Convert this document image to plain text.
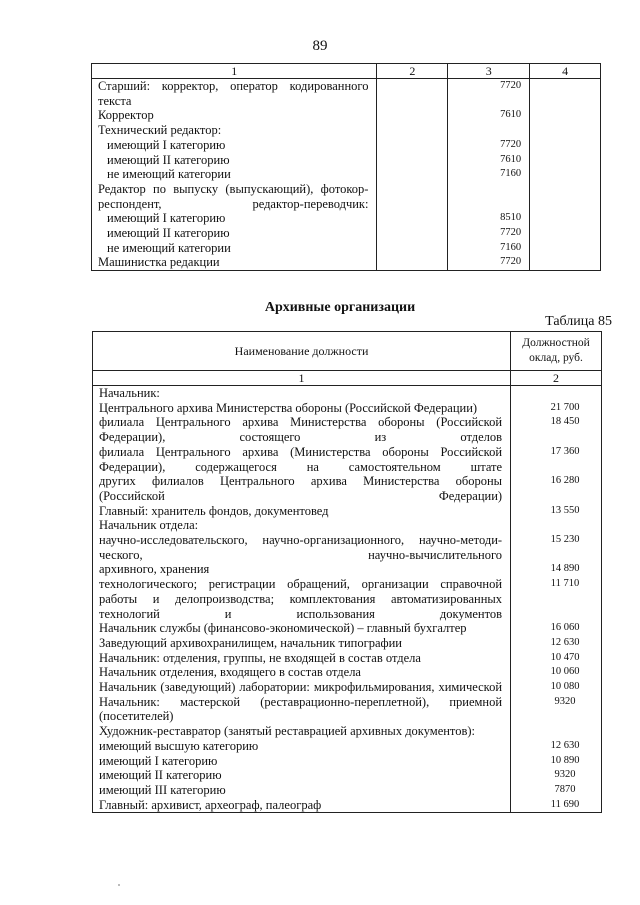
89
1	2	3	4
Старший: корректор, оператор кодированного текста		7720	
Корректор		7610	
Технический редактор:			
имеющий I категорию		7720	
имеющий II категорию		7610	
не имеющий категории		7160	
Редактор по выпуску (выпускающий), фотокор-респондент, редактор-переводчик:			
имеющий I категорию		8510	
имеющий II категорию		7720	
не имеющий категории		7160	
Машинистка редакции		7720	
Архивные организации
Таблица 85
Наименование должности	Должностной оклад, руб.
1	2
Начальник:	
Центрального архива Министерства обороны (Российской Федерации)	21 700
филиала Центрального архива Министерства обороны (Российской Федерации), состоящего из отделов	18 450
филиала Центрального архива (Министерства обороны Российской Федерации), содержащегося на самостоятельном штате	17 360
других филиалов Центрального архива Министерства обороны (Российской Федерации)	16 280
Главный: хранитель фондов, документовед	13 550
Начальник отдела:	
научно-исследовательского, научно-организационного, научно-методи-ческого, научно-вычислительного	15 230
архивного, хранения	14 890
технологического; регистрации обращений, организации справочной работы и делопроизводства; комплектования автоматизированных технологий и использования документов	11 710
Начальник службы (финансово-экономической) – главный бухгалтер	16 060
Заведующий архивохранилищем, начальник типографии	12 630
Начальник: отделения, группы, не входящей в состав отдела	10 470
Начальник отделения, входящего в состав отдела	10 060
Начальник (заведующий) лаборатории: микрофильмирования, химической	10 080
Начальник: мастерской (реставрационно-переплетной), приемной (посетителей)	9320
Художник-реставратор (занятый реставрацией архивных документов):	
имеющий высшую категорию	12 630
имеющий I категорию	10 890
имеющий II категорию	9320
имеющий III категорию	7870
Главный: архивист, археограф, палеограф	11 690
